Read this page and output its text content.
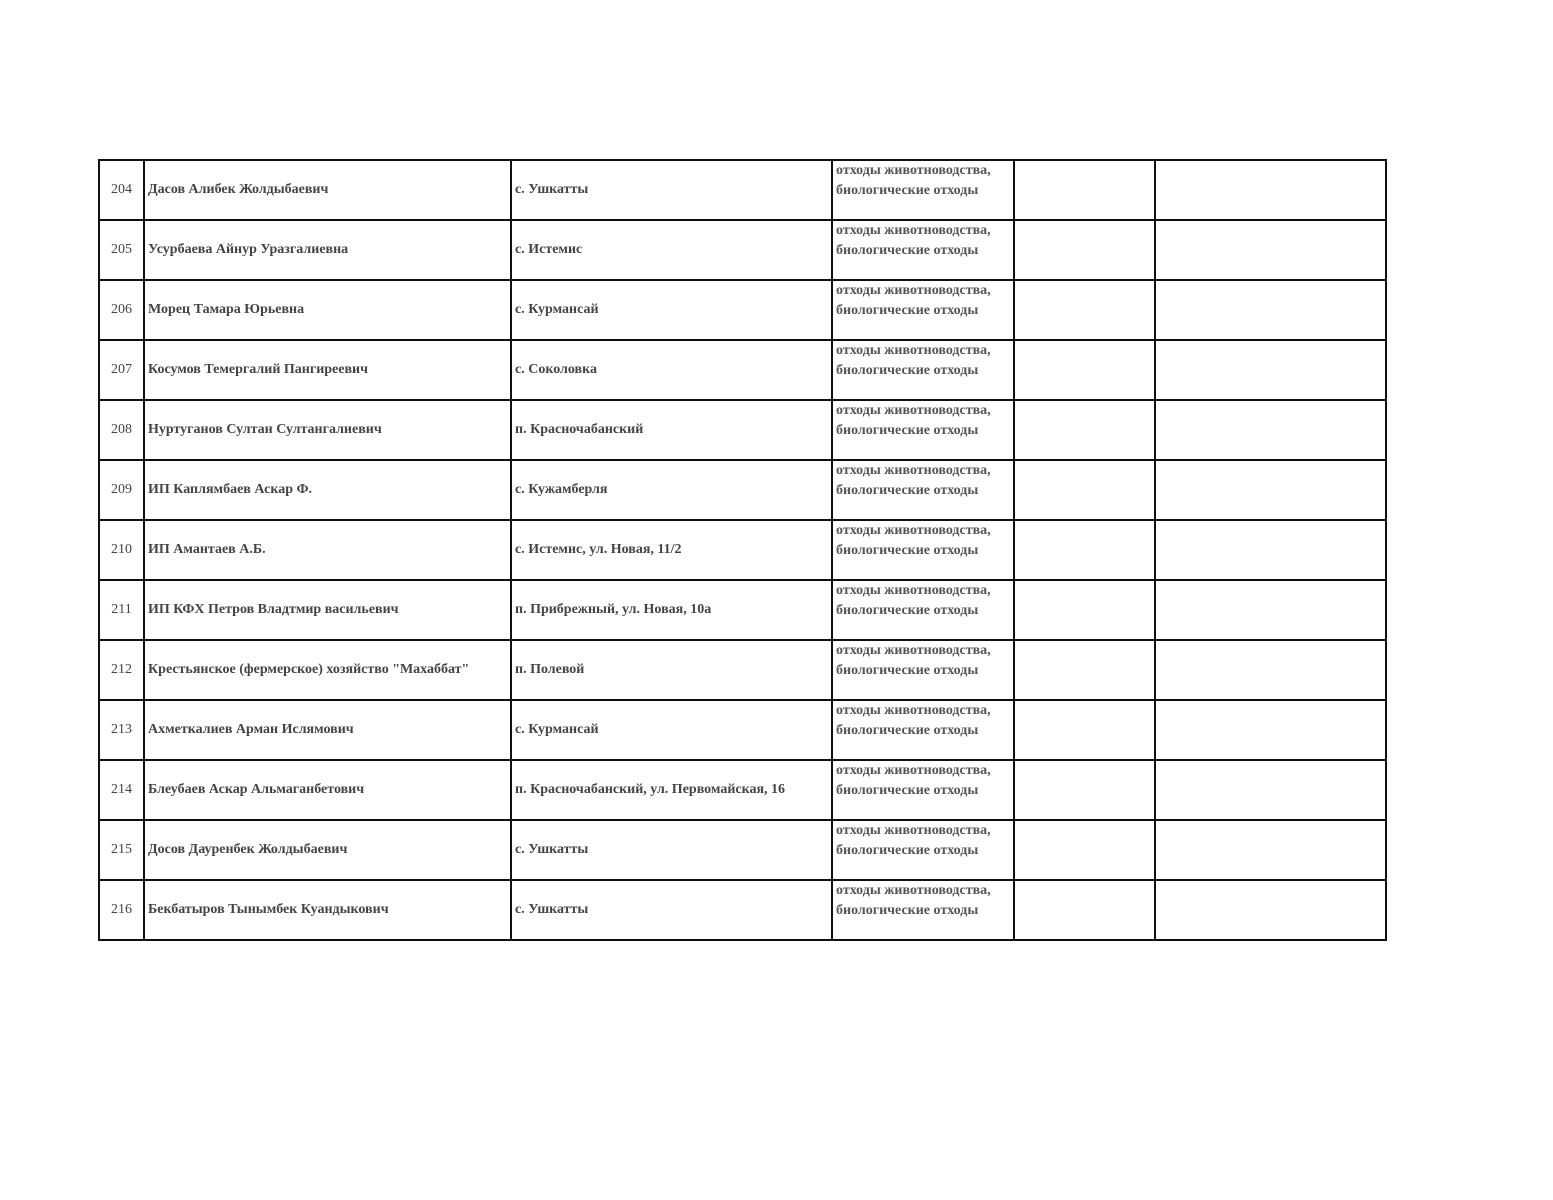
204	Дасов Алибек Жолдыбаевич	с. Ушкатты	отходы животноводства,
биологические отходы		

205	Усурбаева Айнур Уразгалиевна	с. Истемис	отходы животноводства,
биологические отходы		

206	Морец Тамара Юрьевна	с. Курмансай	отходы животноводства,
биологические отходы		

207	Косумов Темергалий Пангиреевич	с. Соколовка	отходы животноводства,
биологические отходы		

208	Нуртуганов Султан Султангалиевич	п. Красночабанский	отходы животноводства,
биологические отходы		

209	ИП Каплямбаев Аскар Ф.	с. Кужамберля	отходы животноводства,
биологические отходы		

210	ИП Амантаев А.Б.	с. Истемис, ул. Новая, 11/2	отходы животноводства,
биологические отходы		

211	ИП КФХ Петров Владтмир васильевич	п. Прибрежный, ул. Новая, 10а	отходы животноводства,
биологические отходы		

212	Крестьянское (фермерское) хозяйство "Махаббат"	п. Полевой	отходы животноводства,
биологические отходы		

213	Ахметкалиев Арман Ислямович	с. Курмансай	отходы животноводства,
биологические отходы		

214	Блеубаев Аскар Альмаганбетович	п. Красночабанский, ул. Первомайская, 16	отходы животноводства,
биологические отходы		

215	Досов Дауренбек Жолдыбаевич	с. Ушкатты	отходы животноводства,
биологические отходы		

216	Бекбатыров Тынымбек Куандыкович	с. Ушкатты	отходы животноводства,
биологические отходы		
